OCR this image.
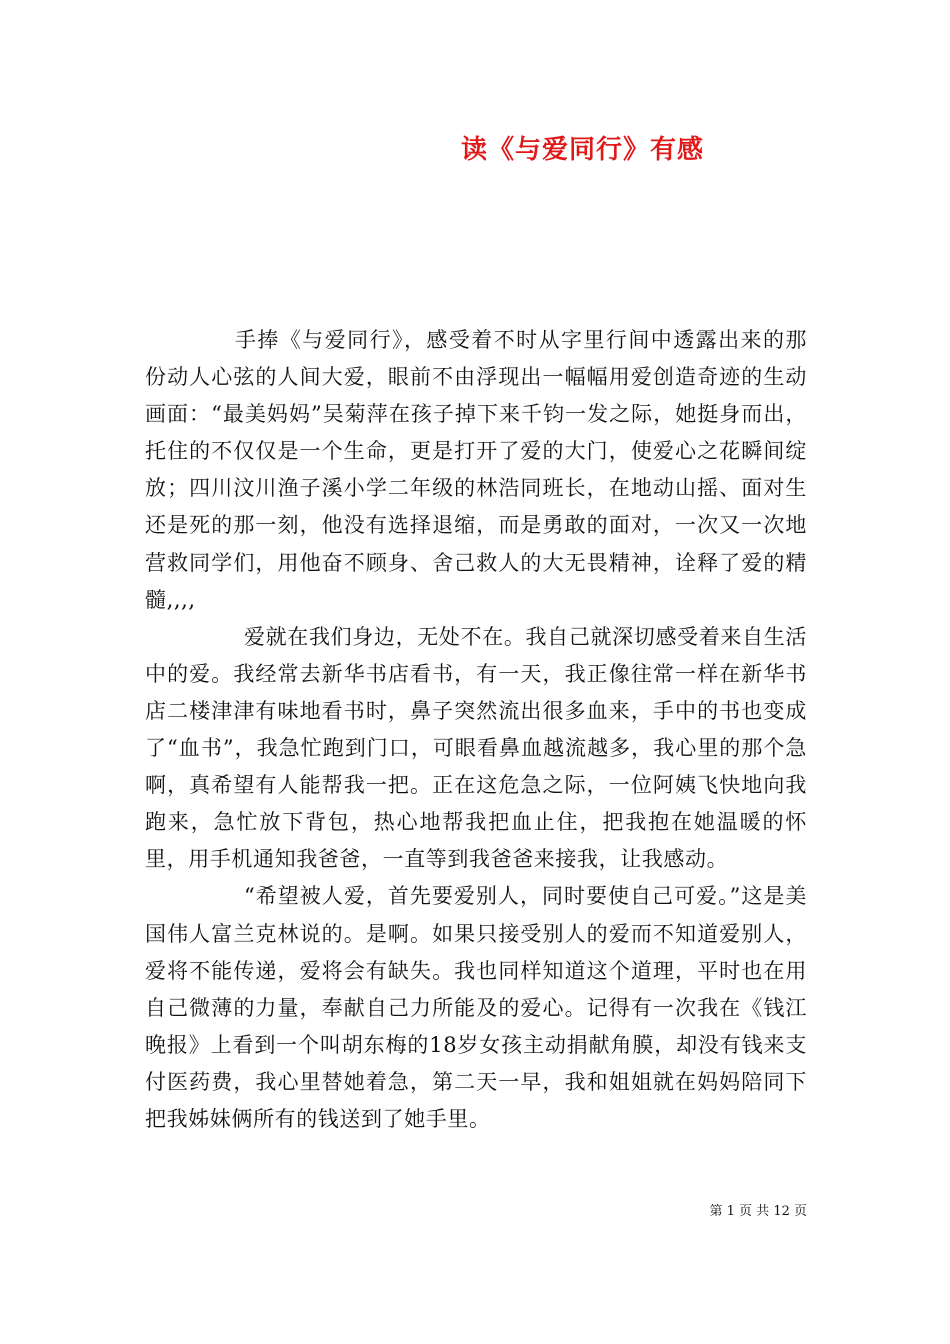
读《与爱同行》有感

手捧《与爱同行》，感受着不时从字里行间中透露出来的那份动人心弦的人间大爱，眼前不由浮现出一幅幅用爱创造奇迹的生动画面：“最美妈妈”吴菊萍在孩子掉下来千钧一发之际，她挺身而出，托住的不仅仅是一个生命，更是打开了爱的大门，使爱心之花瞬间绽放；四川汶川渔子溪小学二年级的林浩同班长，在地动山摇、面对生还是死的那一刻，他没有选择退缩，而是勇敢的面对，一次又一次地营救同学们，用他奋不顾身、舍己救人的大无畏精神，诠释了爱的精髓,,,,

爱就在我们身边，无处不在。我自己就深切感受着来自生活中的爱。我经常去新华书店看书，有一天，我正像往常一样在新华书店二楼津津有味地看书时，鼻子突然流出很多血来，手中的书也变成了“血书”，我急忙跑到门口，可眼看鼻血越流越多，我心里的那个急啊，真希望有人能帮我一把。正在这危急之际，一位阿姨飞快地向我跑来，急忙放下背包，热心地帮我把血止住，把我抱在她温暖的怀里，用手机通知我爸爸，一直等到我爸爸来接我，让我感动。

“希望被人爱，首先要爱别人，同时要使自己可爱。”这是美国伟人富兰克林说的。是啊。如果只接受别人的爱而不知道爱别人，爱将不能传递，爱将会有缺失。我也同样知道这个道理，平时也在用自己微薄的力量，奉献自己力所能及的爱心。记得有一次我在《钱江晚报》上看到一个叫胡东梅的18岁女孩主动捐献角膜，却没有钱来支付医药费，我心里替她着急，第二天一早，我和姐姐就在妈妈陪同下把我姊妹俩所有的钱送到了她手里。

第 1 页 共 12 页
